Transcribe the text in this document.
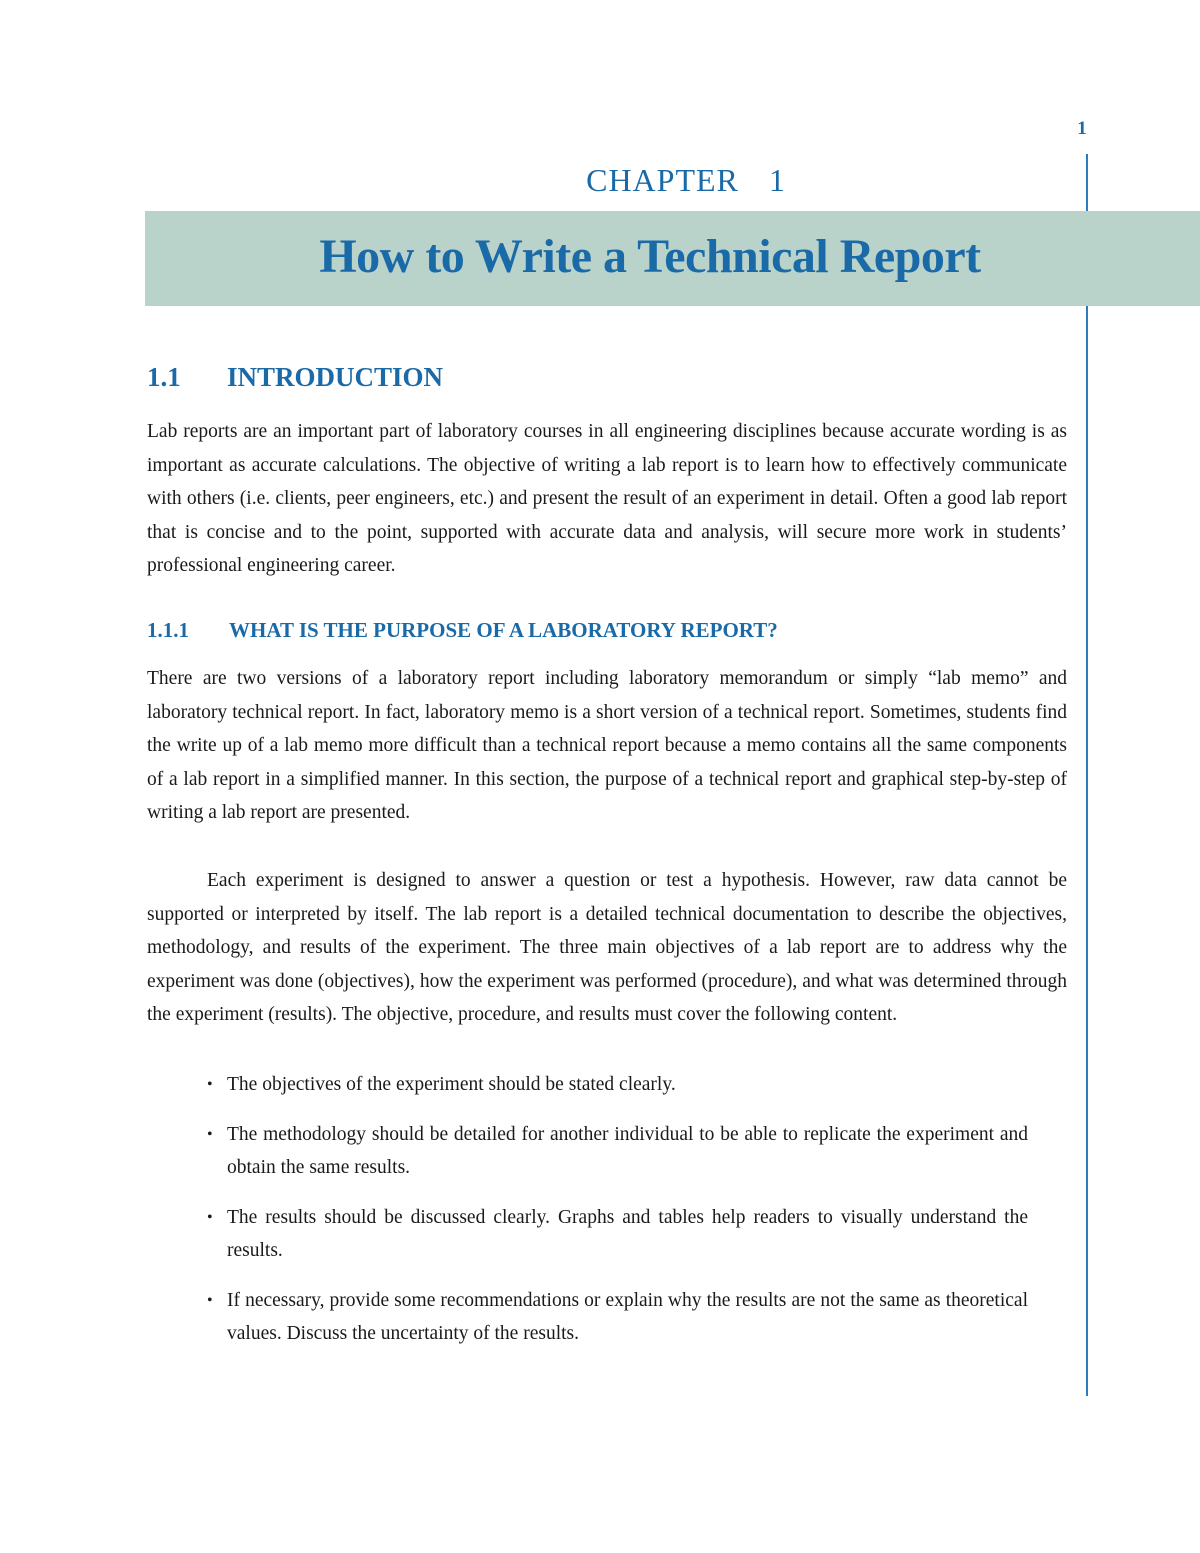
1
CHAPTER 1
How to Write a Technical Report
1.1 INTRODUCTION

Lab reports are an important part of laboratory courses in all engineering disciplines because accurate wording is as important as accurate calculations. The objective of writing a lab report is to learn how to effectively communicate with others (i.e. clients, peer engineers, etc.) and present the result of an experiment in detail. Often a good lab report that is concise and to the point, supported with accurate data and analysis, will secure more work in students’ professional engineering career.

1.1.1 WHAT IS THE PURPOSE OF A LABORATORY REPORT?

There are two versions of a laboratory report including laboratory memorandum or simply “lab memo” and laboratory technical report. In fact, laboratory memo is a short version of a technical report. Sometimes, students find the write up of a lab memo more difficult than a technical report because a memo contains all the same components of a lab report in a simplified manner. In this section, the purpose of a technical report and graphical step-by-step of writing a lab report are presented.

Each experiment is designed to answer a question or test a hypothesis. However, raw data cannot be supported or interpreted by itself. The lab report is a detailed technical documentation to describe the objectives, methodology, and results of the experiment. The three main objectives of a lab report are to address why the experiment was done (objectives), how the experiment was performed (procedure), and what was determined through the experiment (results). The objective, procedure, and results must cover the following content.

• The objectives of the experiment should be stated clearly.
• The methodology should be detailed for another individual to be able to replicate the experiment and obtain the same results.
• The results should be discussed clearly. Graphs and tables help readers to visually understand the results.
• If necessary, provide some recommendations or explain why the results are not the same as theoretical values. Discuss the uncertainty of the results.
